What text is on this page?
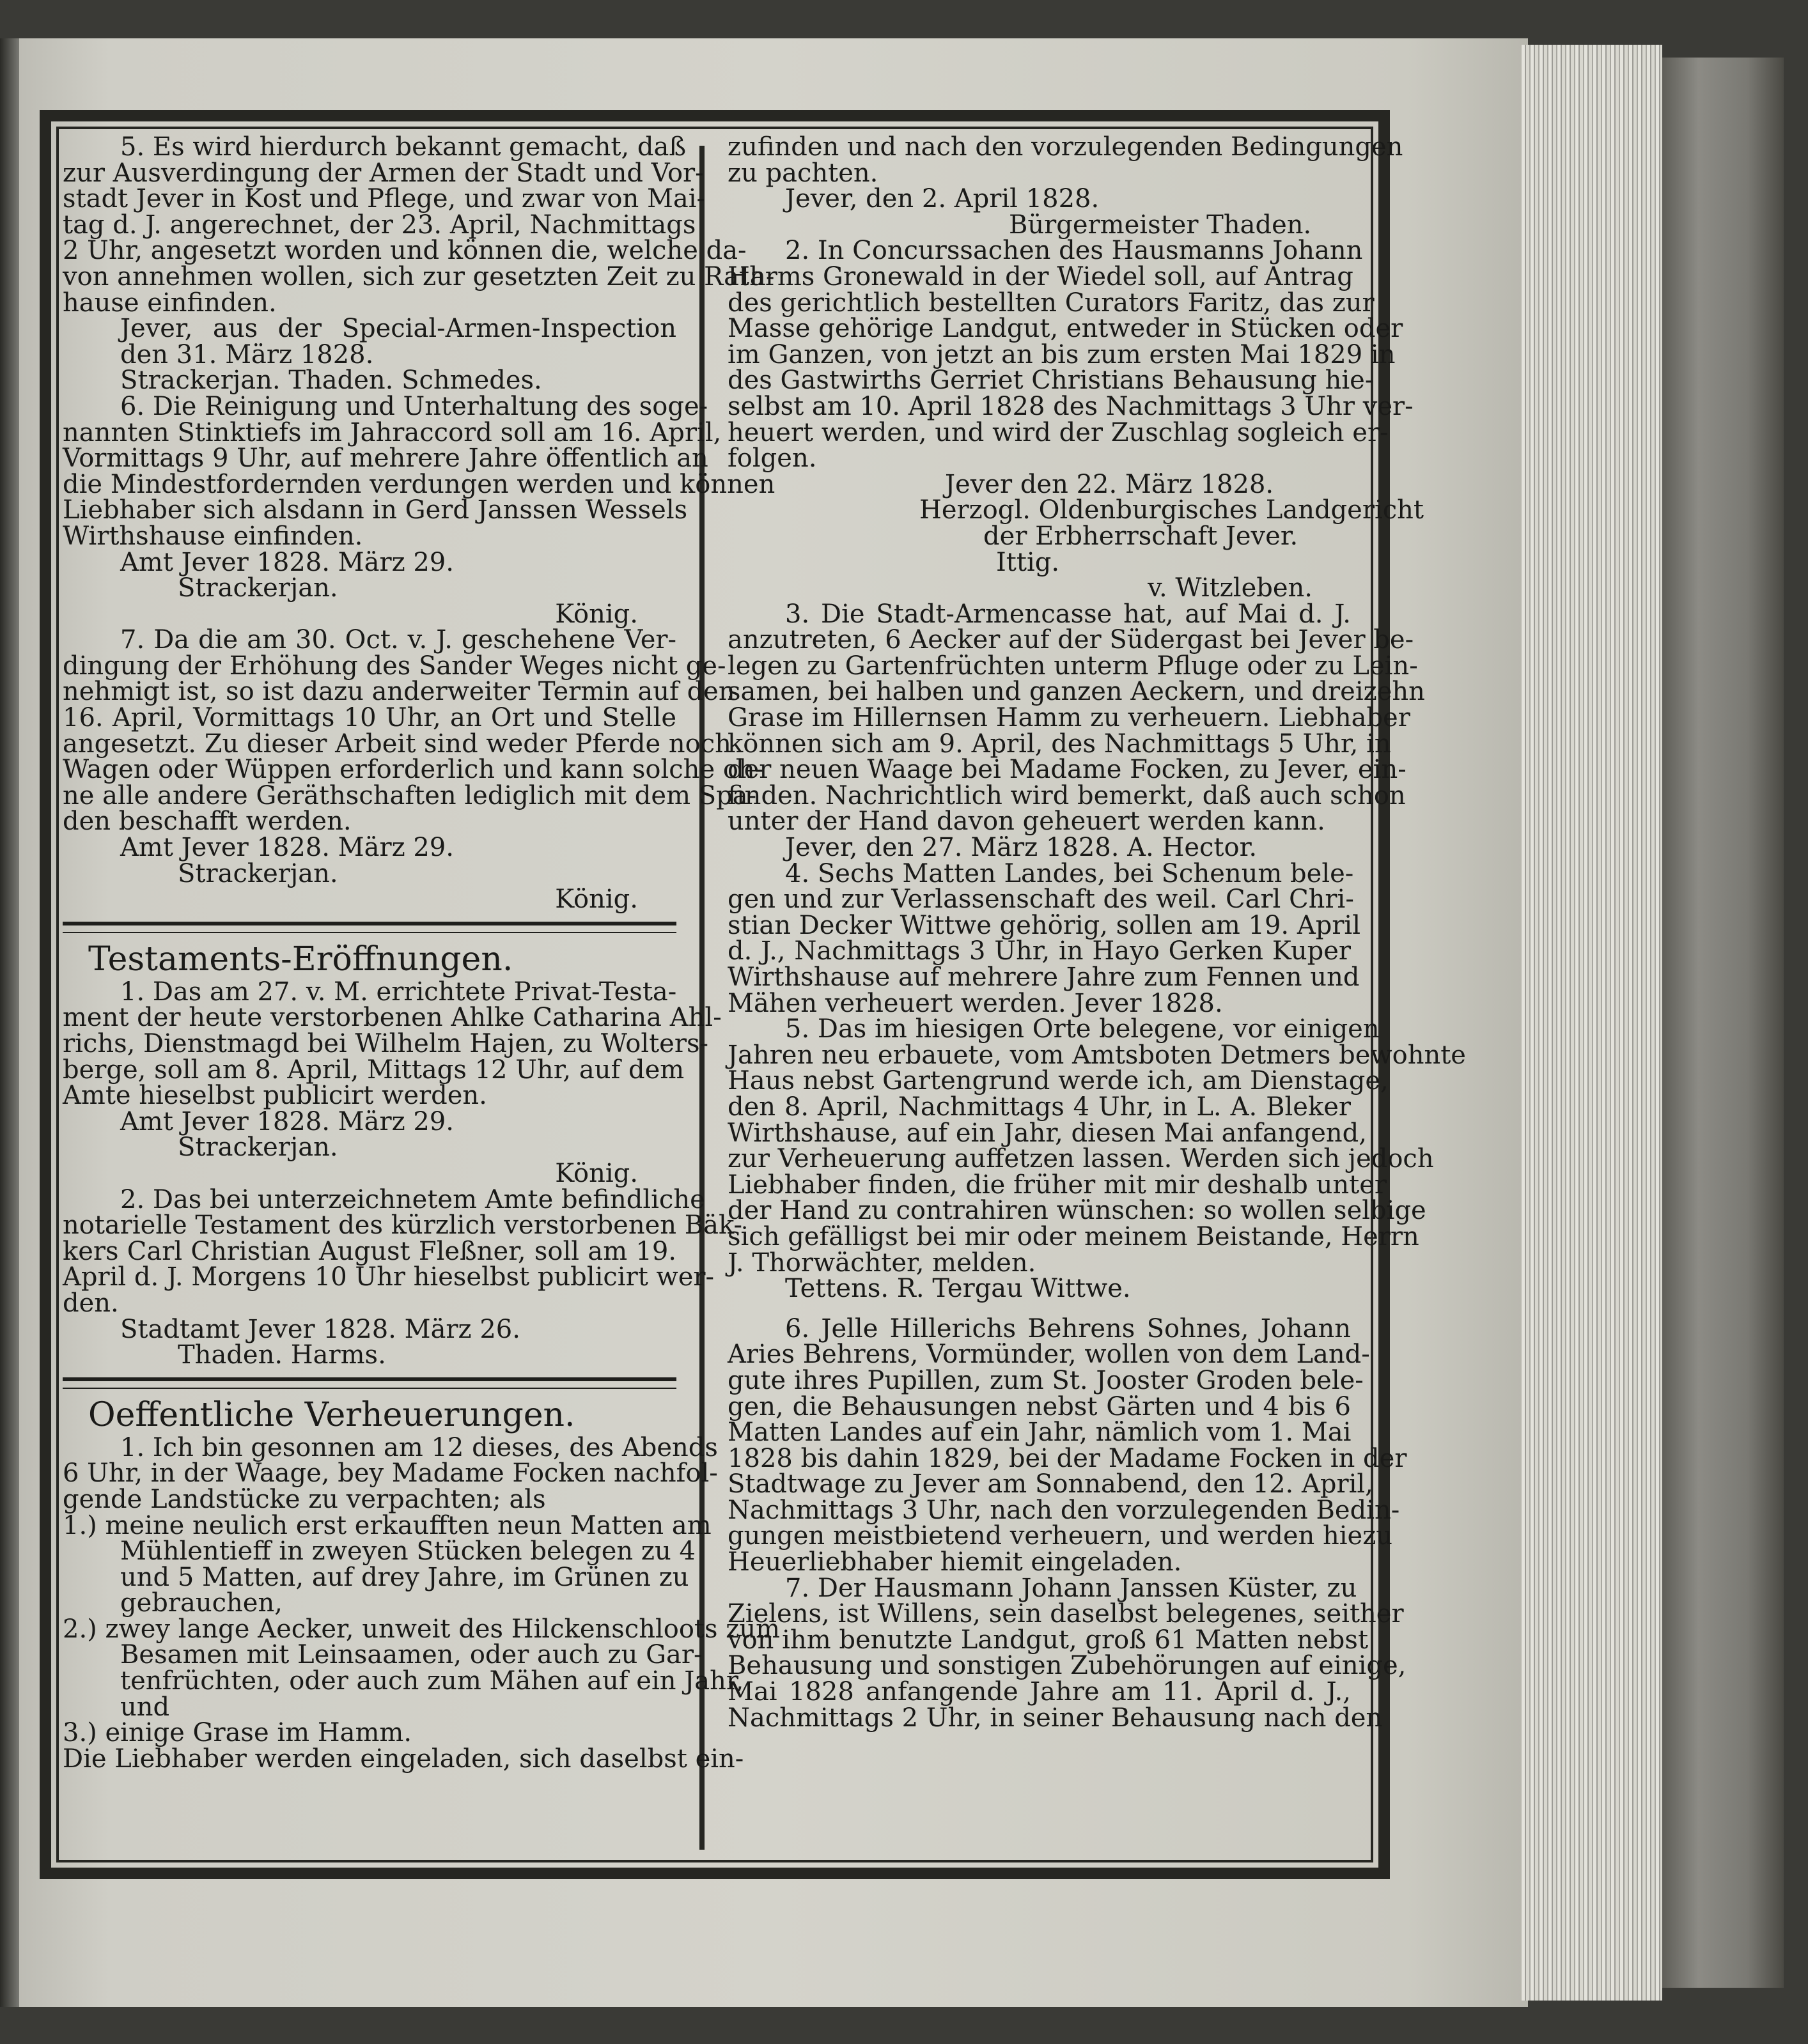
5. Es wird hierdurch bekannt gemacht, daß
zur Ausverdingung der Armen der Stadt und Vor-
stadt Jever in Kost und Pflege, und zwar von Mai-
tag d. J. angerechnet, der 23. April, Nachmittags
2 Uhr, angesetzt worden und können die, welche da-
von annehmen wollen, sich zur gesetzten Zeit zu Rath-
hause einfinden.
Jever, aus der Special-Armen-Inspection
den 31. März 1828.
Strackerjan. Thaden. Schmedes.
6. Die Reinigung und Unterhaltung des soge-
nannten Stinktiefs im Jahraccord soll am 16. April,
Vormittags 9 Uhr, auf mehrere Jahre öffentlich an
die Mindestfordernden verdungen werden und können
Liebhaber sich alsdann in Gerd Janssen Wessels
Wirthshause einfinden.
Amt Jever 1828. März 29.
Strackerjan.
König.
7. Da die am 30. Oct. v. J. geschehene Ver-
dingung der Erhöhung des Sander Weges nicht ge-
nehmigt ist, so ist dazu anderweiter Termin auf den
16. April, Vormittags 10 Uhr, an Ort und Stelle
angesetzt. Zu dieser Arbeit sind weder Pferde noch
Wagen oder Wüppen erforderlich und kann solche oh-
ne alle andere Geräthschaften lediglich mit dem Spa-
den beschafft werden.
Amt Jever 1828. März 29.
Strackerjan.
König.
Testaments-Eröffnungen.
1. Das am 27. v. M. errichtete Privat-Testa-
ment der heute verstorbenen Ahlke Catharina Ahl-
richs, Dienstmagd bei Wilhelm Hajen, zu Wolters-
berge, soll am 8. April, Mittags 12 Uhr, auf dem
Amte hieselbst publicirt werden.
Amt Jever 1828. März 29.
Strackerjan.
König.
2. Das bei unterzeichnetem Amte befindliche
notarielle Testament des kürzlich verstorbenen Bäk-
kers Carl Christian August Fleßner, soll am 19.
April d. J. Morgens 10 Uhr hieselbst publicirt wer-
den.
Stadtamt Jever 1828. März 26.
Thaden. Harms.
Oeffentliche Verheuerungen.
1. Ich bin gesonnen am 12 dieses, des Abends
6 Uhr, in der Waage, bey Madame Focken nachfol-
gende Landstücke zu verpachten; als
1.) meine neulich erst erkaufften neun Matten am
Mühlentieff in zweyen Stücken belegen zu 4
und 5 Matten, auf drey Jahre, im Grünen zu
gebrauchen,
2.) zwey lange Aecker, unweit des Hilckenschloots zum
Besamen mit Leinsaamen, oder auch zu Gar-
tenfrüchten, oder auch zum Mähen auf ein Jahr,
und
3.) einige Grase im Hamm.
Die Liebhaber werden eingeladen, sich daselbst ein-
zufinden und nach den vorzulegenden Bedingungen
zu pachten.
Jever, den 2. April 1828.
Bürgermeister Thaden.
2. In Concurssachen des Hausmanns Johann
Harms Gronewald in der Wiedel soll, auf Antrag
des gerichtlich bestellten Curators Faritz, das zur
Masse gehörige Landgut, entweder in Stücken oder
im Ganzen, von jetzt an bis zum ersten Mai 1829 in
des Gastwirths Gerriet Christians Behausung hie-
selbst am 10. April 1828 des Nachmittags 3 Uhr ver-
heuert werden, und wird der Zuschlag sogleich er-
folgen.
Jever den 22. März 1828.
Herzogl. Oldenburgisches Landgericht
der Erbherrschaft Jever.
Ittig.
v. Witzleben.
3. Die Stadt-Armencasse hat, auf Mai d. J.
anzutreten, 6 Aecker auf der Südergast bei Jever be-
legen zu Gartenfrüchten unterm Pfluge oder zu Lein-
samen, bei halben und ganzen Aeckern, und dreizehn
Grase im Hillernsen Hamm zu verheuern. Liebhaber
können sich am 9. April, des Nachmittags 5 Uhr, in
der neuen Waage bei Madame Focken, zu Jever, ein-
finden. Nachrichtlich wird bemerkt, daß auch schon
unter der Hand davon geheuert werden kann.
Jever, den 27. März 1828. A. Hector.
4. Sechs Matten Landes, bei Schenum bele-
gen und zur Verlassenschaft des weil. Carl Chri-
stian Decker Wittwe gehörig, sollen am 19. April
d. J., Nachmittags 3 Uhr, in Hayo Gerken Kuper
Wirthshause auf mehrere Jahre zum Fennen und
Mähen verheuert werden. Jever 1828.
5. Das im hiesigen Orte belegene, vor einigen
Jahren neu erbauete, vom Amtsboten Detmers bewohnte
Haus nebst Gartengrund werde ich, am Dienstage,
den 8. April, Nachmittags 4 Uhr, in L. A. Bleker
Wirthshause, auf ein Jahr, diesen Mai anfangend,
zur Verheuerung auffetzen lassen. Werden sich jedoch
Liebhaber finden, die früher mit mir deshalb unter
der Hand zu contrahiren wünschen: so wollen selbige
sich gefälligst bei mir oder meinem Beistande, Herrn
J. Thorwächter, melden.
Tettens. R. Tergau Wittwe.
6. Jelle Hillerichs Behrens Sohnes, Johann
Aries Behrens, Vormünder, wollen von dem Land-
gute ihres Pupillen, zum St. Jooster Groden bele-
gen, die Behausungen nebst Gärten und 4 bis 6
Matten Landes auf ein Jahr, nämlich vom 1. Mai
1828 bis dahin 1829, bei der Madame Focken in der
Stadtwage zu Jever am Sonnabend, den 12. April,
Nachmittags 3 Uhr, nach den vorzulegenden Bedin-
gungen meistbietend verheuern, und werden hiezu
Heuerliebhaber hiemit eingeladen.
7. Der Hausmann Johann Janssen Küster, zu
Zielens, ist Willens, sein daselbst belegenes, seither
von ihm benutzte Landgut, groß 61 Matten nebst
Behausung und sonstigen Zubehörungen auf einige,
Mai 1828 anfangende Jahre am 11. April d. J.,
Nachmittags 2 Uhr, in seiner Behausung nach den
